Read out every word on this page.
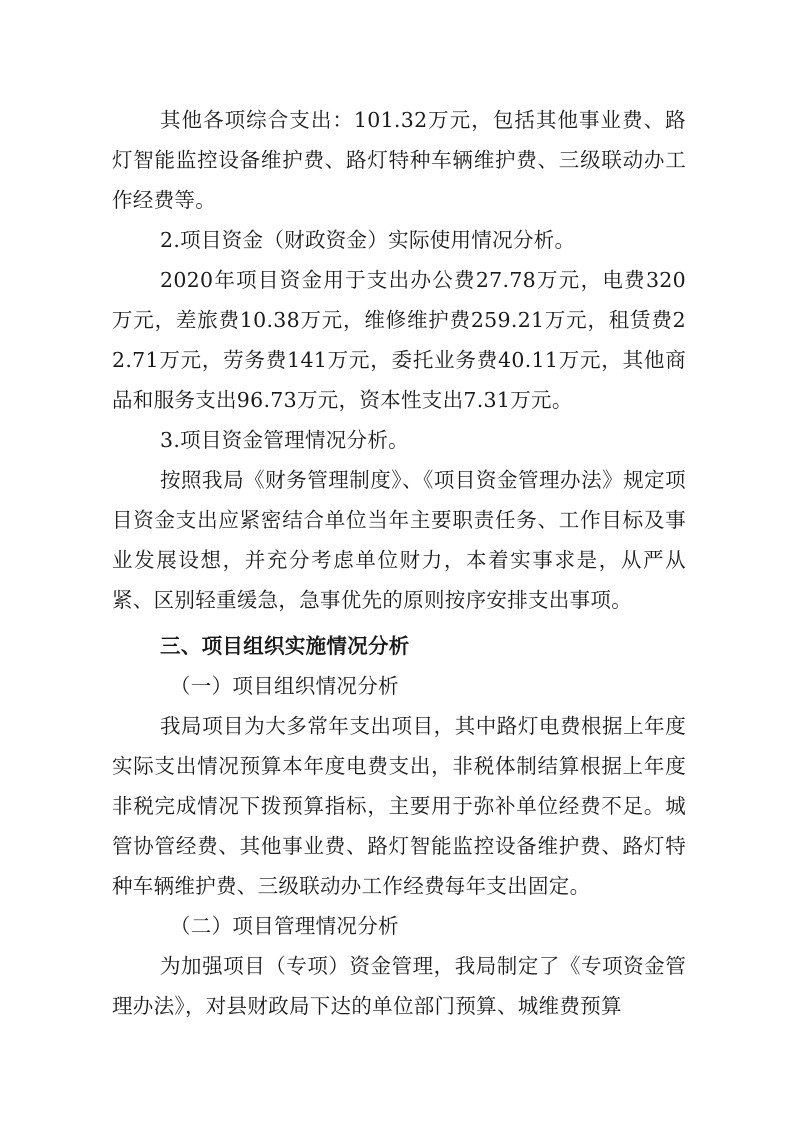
其他各项综合支出：101.32万元，包括其他事业费、路灯智能监控设备维护费、路灯特种车辆维护费、三级联动办工作经费等。

2.项目资金（财政资金）实际使用情况分析。

2020年项目资金用于支出办公费27.78万元，电费320万元，差旅费10.38万元，维修维护费259.21万元，租赁费22.71万元，劳务费141万元，委托业务费40.11万元，其他商品和服务支出96.73万元，资本性支出7.31万元。

3.项目资金管理情况分析。

按照我局《财务管理制度》、《项目资金管理办法》规定项目资金支出应紧密结合单位当年主要职责任务、工作目标及事业发展设想，并充分考虑单位财力，本着实事求是，从严从紧、区别轻重缓急，急事优先的原则按序安排支出事项。

三、项目组织实施情况分析

（一）项目组织情况分析

我局项目为大多常年支出项目，其中路灯电费根据上年度实际支出情况预算本年度电费支出，非税体制结算根据上年度非税完成情况下拨预算指标，主要用于弥补单位经费不足。城管协管经费、其他事业费、路灯智能监控设备维护费、路灯特种车辆维护费、三级联动办工作经费每年支出固定。

（二）项目管理情况分析

为加强项目（专项）资金管理，我局制定了《专项资金管理办法》，对县财政局下达的单位部门预算、城维费预算
